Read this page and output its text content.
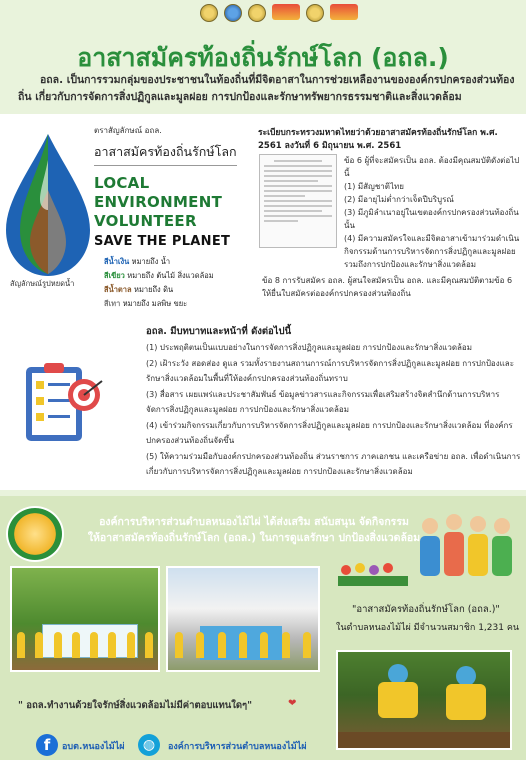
อาสาสมัครท้องถิ่นรักษ์โลก (อถล.)
อถล. เป็นการรวมกลุ่มของประชาชนในท้องถิ่นที่มีจิตอาสาในการช่วยเหลืองานขององค์กรปกครองส่วนท้องถิ่น เกี่ยวกับการจัดการสิ่งปฏิกูลและมูลฝอย การปกป้องและรักษาทรัพยากรธรรมชาติและสิ่งแวดล้อม
ตราสัญลักษณ์ อถล.
อาสาสมัครท้องถิ่นรักษ์โลก
LOCAL
ENVIRONMENT
VOLUNTEER
SAVE THE PLANET
สีน้ำเงิน หมายถึง น้ำ
สีเขียว หมายถึง ต้นไม้ สิ่งแวดล้อม
สีน้ำตาล หมายถึง ดิน
สีเทา หมายถึง มลพิษ ขยะ
สัญลักษณ์รูปหยดน้ำ
ระเบียบกระทรวงมหาดไทยว่าด้วยอาสาสมัครท้องถิ่นรักษ์โลก พ.ศ. 2561 ลงวันที่ 6 มิถุนายน พ.ศ. 2561

ข้อ 6 ผู้ที่จะสมัครเป็น อถล. ต้องมีคุณสมบัติดังต่อไปนี้

(1) มีสัญชาติไทย

(2) มีอายุไม่ต่ำกว่าเจ็ดปีบริบูรณ์

(3) มีภูมิลำเนาอยู่ในเขตองค์กรปกครองส่วนท้องถิ่นนั้น

(4) มีความสมัครใจและมีจิตอาสาเข้ามาร่วมดำเนินกิจกรรมด้านการบริหารจัดการสิ่งปฏิกูลและมูลฝอย รวมถึงการปกป้องและรักษาสิ่งแวดล้อม

ข้อ 8 การรับสมัคร อถล. ผู้สนใจสมัครเป็น อถล. และมีคุณสมบัติตามข้อ 6 ให้ยื่นใบสมัครต่อองค์กรปกครองส่วนท้องถิ่น
อถล. มีบทบาทและหน้าที่ ดังต่อไปนี้

(1) ประพฤติตนเป็นแบบอย่างในการจัดการสิ่งปฏิกูลและมูลฝอย การปกป้องและรักษาสิ่งแวดล้อม

(2) เฝ้าระวัง สอดส่อง ดูแล รวมทั้งรายงานสถานการณ์การบริหารจัดการสิ่งปฏิกูลและมูลฝอย การปกป้องและรักษาสิ่งแวดล้อมในพื้นที่ให้องค์กรปกครองส่วนท้องถิ่นทราบ

(3) สื่อสาร เผยแพร่และประชาสัมพันธ์ ข้อมูลข่าวสารและกิจกรรมเพื่อเสริมสร้างจิตสำนึกด้านการบริหารจัดการสิ่งปฏิกูลและมูลฝอย การปกป้องและรักษาสิ่งแวดล้อม

(4) เข้าร่วมกิจกรรมเกี่ยวกับการบริหารจัดการสิ่งปฏิกูลและมูลฝอย การปกป้องและรักษาสิ่งแวดล้อม ที่องค์กรปกครองส่วนท้องถิ่นจัดขึ้น

(5) ให้ความร่วมมือกับองค์กรปกครองส่วนท้องถิ่น ส่วนราชการ ภาคเอกชน และเครือข่าย อถล. เพื่อดำเนินการเกี่ยวกับการบริหารจัดการสิ่งปฏิกูลและมูลฝอย การปกป้องและรักษาสิ่งแวดล้อม

องค์การบริหารส่วนตำบลหนองไม้ไผ่ ได้ส่งเสริม สนับสนุน จัดกิจกรรม
ให้อาสาสมัครท้องถิ่นรักษ์โลก (อถล.) ในการดูแลรักษา ปกป้องสิ่งแวดล้อม
"อาสาสมัครท้องถิ่นรักษ์โลก (อถล.)"
ในตำบลหนองไม้ไผ่ มีจำนวนสมาชิก 1,231 คน
" อถล.ทำงานด้วยใจรักษ์สิ่งแวดล้อมไม่มีค่าตอบแทนใดๆ"	❤
f	อบต.หนองไม้ไผ่	◍	องค์การบริหารส่วนตำบลหนองไม้ไผ่
